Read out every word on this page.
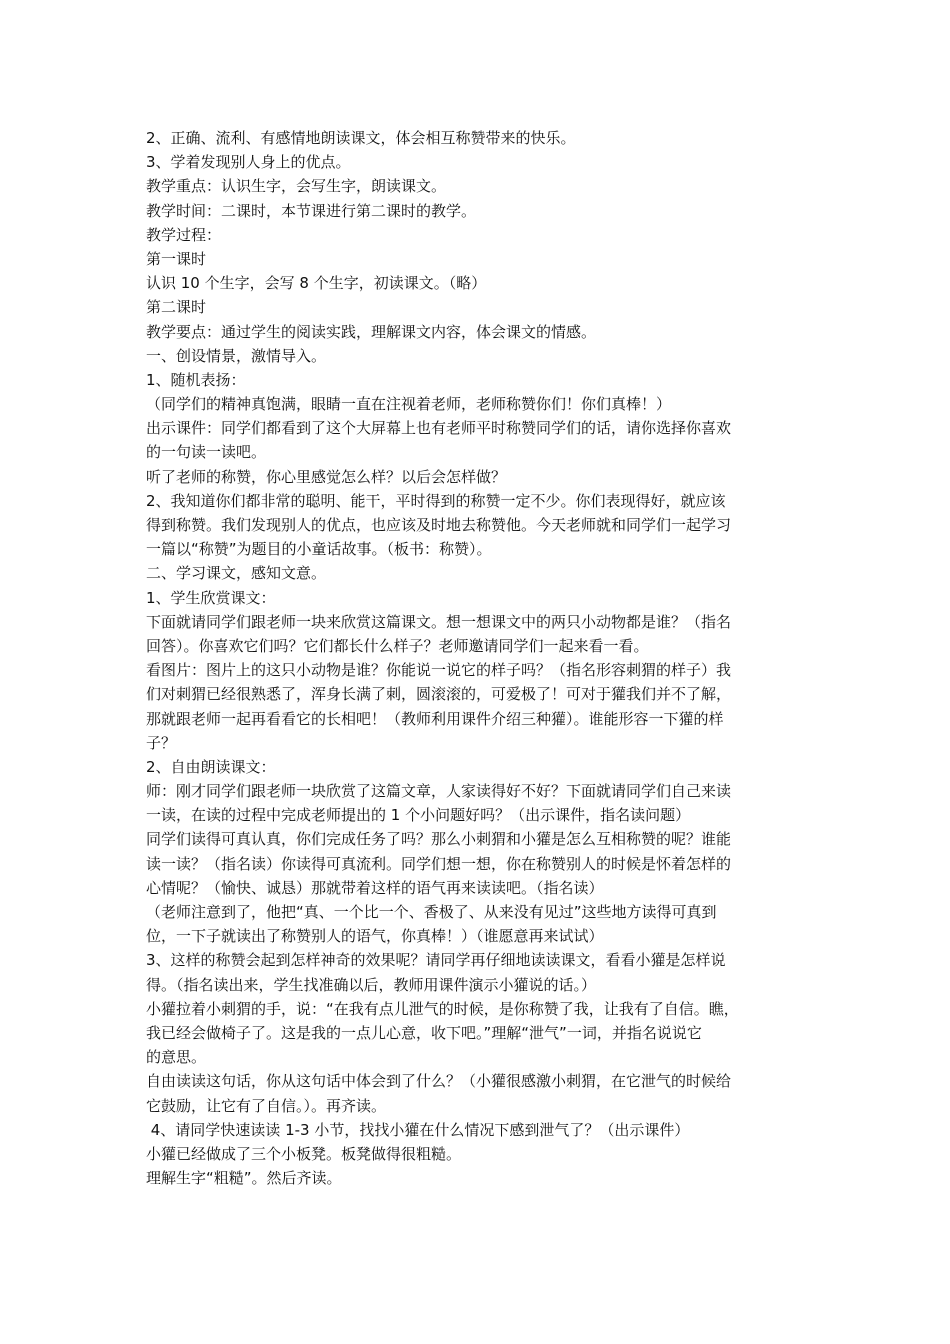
2、正确、流利、有感情地朗读课文，体会相互称赞带来的快乐。
3、学着发现别人身上的优点。
教学重点：认识生字，会写生字，朗读课文。
教学时间：二课时，本节课进行第二课时的教学。
教学过程：
第一课时
认识 10 个生字，会写 8 个生字，初读课文。（略）
第二课时
教学要点：通过学生的阅读实践，理解课文内容，体会课文的情感。
一、创设情景，激情导入。
1、随机表扬：
（同学们的精神真饱满，眼睛一直在注视着老师，老师称赞你们！你们真棒！）
出示课件：同学们都看到了这个大屏幕上也有老师平时称赞同学们的话，请你选择你喜欢
的一句读一读吧。
听了老师的称赞，你心里感觉怎么样？以后会怎样做？
2、我知道你们都非常的聪明、能干，平时得到的称赞一定不少。你们表现得好，就应该
得到称赞。我们发现别人的优点，也应该及时地去称赞他。今天老师就和同学们一起学习
一篇以“称赞”为题目的小童话故事。（板书：称赞）。
二、学习课文，感知文意。
1、学生欣赏课文：
下面就请同学们跟老师一块来欣赏这篇课文。想一想课文中的两只小动物都是谁？（指名
回答）。你喜欢它们吗？它们都长什么样子？老师邀请同学们一起来看一看。
看图片：图片上的这只小动物是谁？你能说一说它的样子吗？（指名形容刺猬的样子）我
们对刺猬已经很熟悉了，浑身长满了刺，圆滚滚的，可爱极了！可对于獾我们并不了解，
那就跟老师一起再看看它的长相吧！（教师利用课件介绍三种獾）。谁能形容一下獾的样
子？
2、自由朗读课文：
师：刚才同学们跟老师一块欣赏了这篇文章，人家读得好不好？下面就请同学们自己来读
一读，在读的过程中完成老师提出的 1 个小问题好吗？（出示课件，指名读问题）
同学们读得可真认真，你们完成任务了吗？那么小刺猬和小獾是怎么互相称赞的呢？谁能
读一读？（指名读）你读得可真流利。同学们想一想，你在称赞别人的时候是怀着怎样的
心情呢？（愉快、诚恳）那就带着这样的语气再来读读吧。（指名读）
（老师注意到了，他把“真、一个比一个、香极了、从来没有见过”这些地方读得可真到
位，一下子就读出了称赞别人的语气，你真棒！）（谁愿意再来试试）
3、这样的称赞会起到怎样神奇的效果呢？请同学再仔细地读读课文，看看小獾是怎样说
得。（指名读出来，学生找准确以后，教师用课件演示小獾说的话。）
小獾拉着小刺猬的手，说：“在我有点儿泄气的时候，是你称赞了我，让我有了自信。瞧，
我已经会做椅子了。这是我的一点儿心意，收下吧。”理解“泄气”一词，并指名说说它
的意思。
自由读读这句话，你从这句话中体会到了什么？（小獾很感激小刺猬，在它泄气的时候给
它鼓励，让它有了自信。）。再齐读。
4、请同学快速读读 1-3 小节，找找小獾在什么情况下感到泄气了？（出示课件）
小獾已经做成了三个小板凳。板凳做得很粗糙。
理解生字“粗糙”。然后齐读。
